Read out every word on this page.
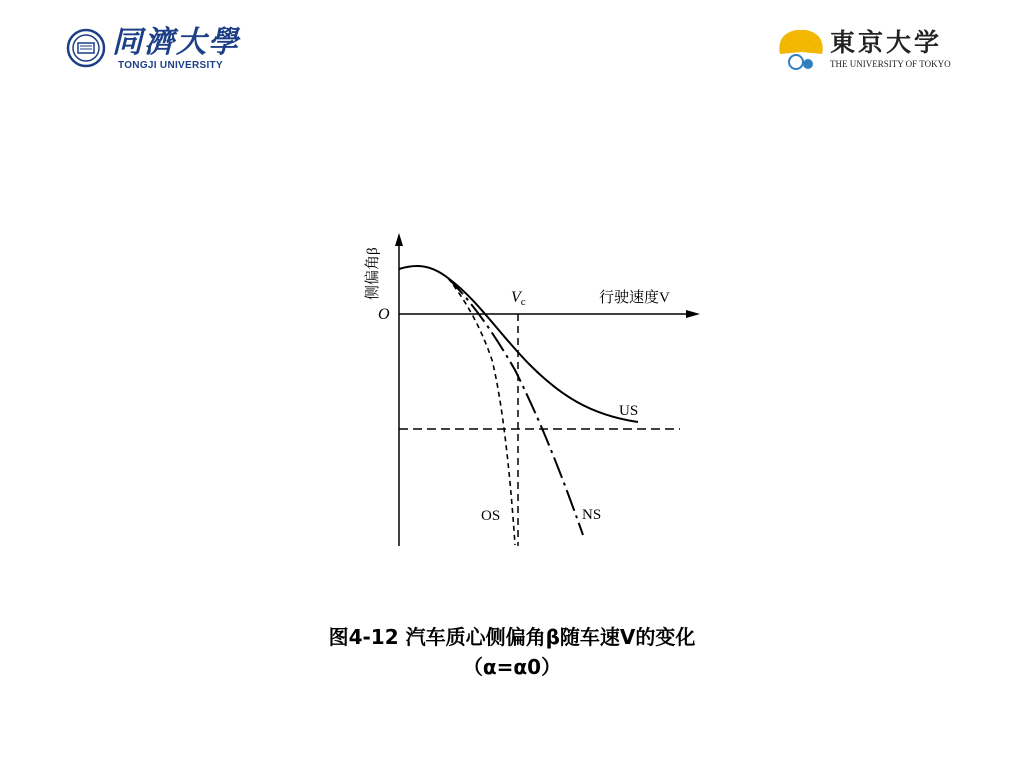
同濟大學
TONGJI UNIVERSITY
東京大学
THE UNIVERSITY OF TOKYO
侧偏角β
O
Vc	行驶速度V
US
NS
OS
图4-12 汽车质心侧偏角β随车速V的变化
（α=α0）
